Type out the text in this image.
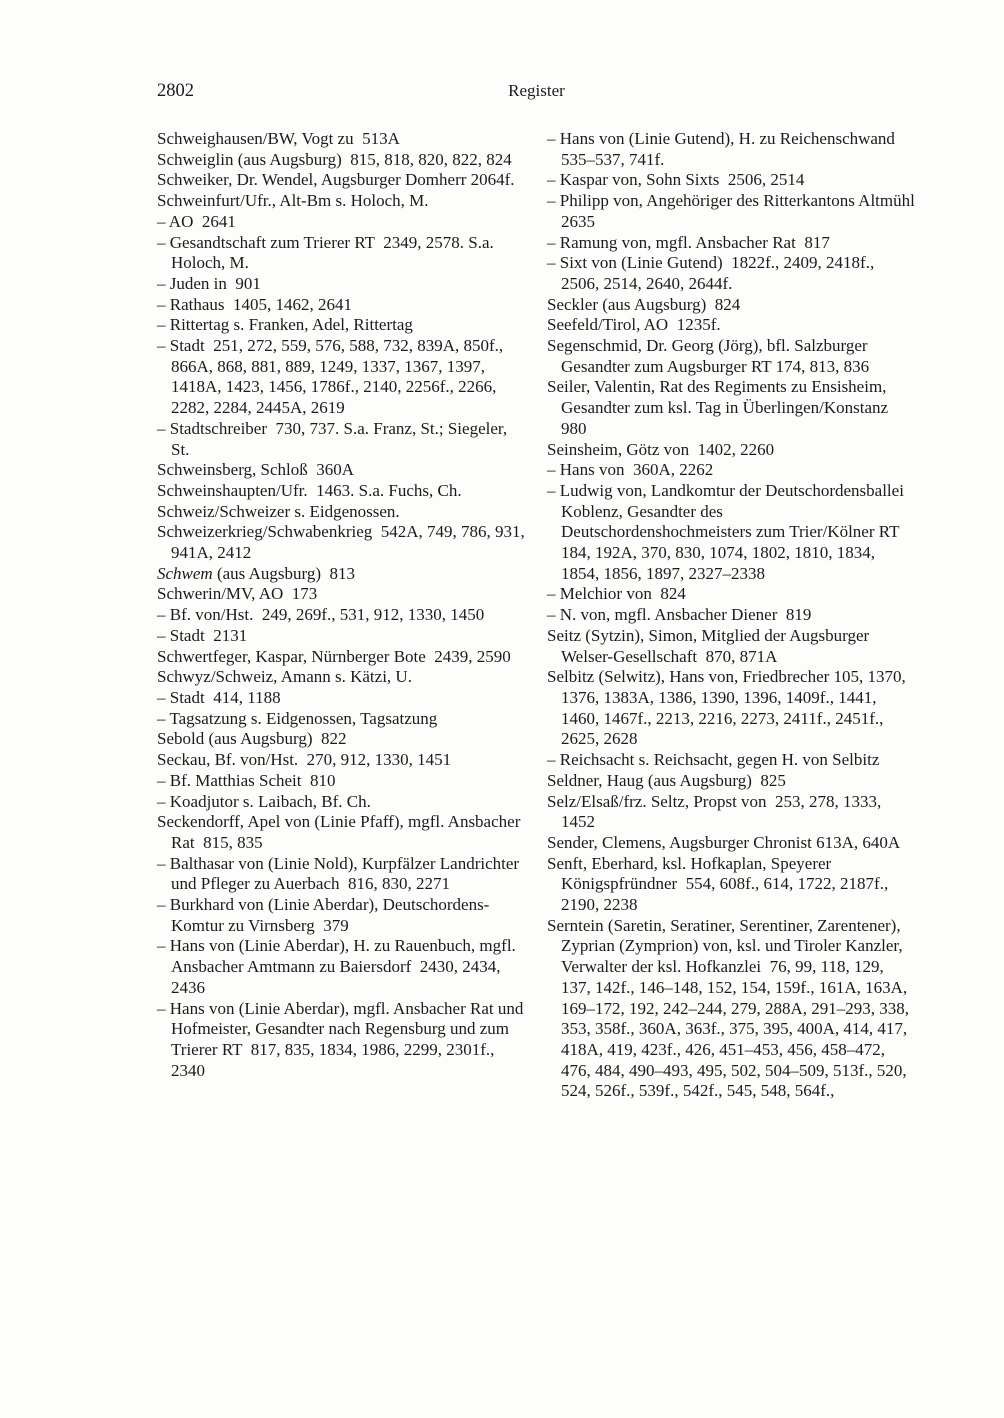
2802	Register

Schweighausen/BW, Vogt zu  513A

Schweiglin (aus Augsburg)  815, 818, 820, 822, 824

Schweiker, Dr. Wendel, Augsburger Domherr 2064f.

Schweinfurt/Ufr., Alt-Bm s. Holoch, M.

– AO  2641

– Gesandtschaft zum Trierer RT  2349, 2578. S.a. Holoch, M.

– Juden in  901

– Rathaus  1405, 1462, 2641

– Rittertag s. Franken, Adel, Rittertag

– Stadt  251, 272, 559, 576, 588, 732, 839A, 850f., 866A, 868, 881, 889, 1249, 1337, 1367, 1397, 1418A, 1423, 1456, 1786f., 2140, 2256f., 2266, 2282, 2284, 2445A, 2619

– Stadtschreiber  730, 737. S.a. Franz, St.; Siegeler, St.

Schweinsberg, Schloß  360A

Schweinshaupten/Ufr.  1463. S.a. Fuchs, Ch.

Schweiz/Schweizer s. Eidgenossen.

Schweizerkrieg/Schwabenkrieg  542A, 749, 786, 931, 941A, 2412

Schwem (aus Augsburg)  813

Schwerin/MV, AO  173

– Bf. von/Hst.  249, 269f., 531, 912, 1330, 1450

– Stadt  2131

Schwertfeger, Kaspar, Nürnberger Bote  2439, 2590

Schwyz/Schweiz, Amann s. Kätzi, U.

– Stadt  414, 1188

– Tagsatzung s. Eidgenossen, Tagsatzung

Sebold (aus Augsburg)  822

Seckau, Bf. von/Hst.  270, 912, 1330, 1451

– Bf. Matthias Scheit  810

– Koadjutor s. Laibach, Bf. Ch.

Seckendorff, Apel von (Linie Pfaff), mgfl. Ansbacher Rat  815, 835

– Balthasar von (Linie Nold), Kurpfälzer Landrichter und Pfleger zu Auerbach  816, 830, 2271

– Burkhard von (Linie Aberdar), Deutschordens-Komtur zu Virnsberg  379

– Hans von (Linie Aberdar), H. zu Rauenbuch, mgfl. Ansbacher Amtmann zu Baiersdorf  2430, 2434, 2436

– Hans von (Linie Aberdar), mgfl. Ansbacher Rat und Hofmeister, Gesandter nach Regensburg und zum Trierer RT  817, 835, 1834, 1986, 2299, 2301f., 2340

– Hans von (Linie Gutend), H. zu Reichenschwand  535–537, 741f.

– Kaspar von, Sohn Sixts  2506, 2514

– Philipp von, Angehöriger des Ritterkantons Altmühl  2635

– Ramung von, mgfl. Ansbacher Rat  817

– Sixt von (Linie Gutend)  1822f., 2409, 2418f., 2506, 2514, 2640, 2644f.

Seckler (aus Augsburg)  824

Seefeld/Tirol, AO  1235f.

Segenschmid, Dr. Georg (Jörg), bfl. Salzburger Gesandter zum Augsburger RT 174, 813, 836

Seiler, Valentin, Rat des Regiments zu Ensisheim, Gesandter zum ksl. Tag in Überlingen/Konstanz  980

Seinsheim, Götz von  1402, 2260

– Hans von  360A, 2262

– Ludwig von, Landkomtur der Deutschordensballei Koblenz, Gesandter des Deutschordenshochmeisters zum Trier/Kölner RT 184, 192A, 370, 830, 1074, 1802, 1810, 1834, 1854, 1856, 1897, 2327–2338

– Melchior von  824

– N. von, mgfl. Ansbacher Diener  819

Seitz (Sytzin), Simon, Mitglied der Augsburger Welser-Gesellschaft  870, 871A

Selbitz (Selwitz), Hans von, Friedbrecher 105, 1370, 1376, 1383A, 1386, 1390, 1396, 1409f., 1441, 1460, 1467f., 2213, 2216, 2273, 2411f., 2451f., 2625, 2628

– Reichsacht s. Reichsacht, gegen H. von Selbitz

Seldner, Haug (aus Augsburg)  825

Selz/Elsaß/frz. Seltz, Propst von  253, 278, 1333, 1452

Sender, Clemens, Augsburger Chronist 613A, 640A

Senft, Eberhard, ksl. Hofkaplan, Speyerer Königspfründner  554, 608f., 614, 1722, 2187f., 2190, 2238

Serntein (Saretin, Seratiner, Serentiner, Zarentener), Zyprian (Zymprion) von, ksl. und Tiroler Kanzler, Verwalter der ksl. Hofkanzlei  76, 99, 118, 129, 137, 142f., 146–148, 152, 154, 159f., 161A, 163A, 169–172, 192, 242–244, 279, 288A, 291–293, 338, 353, 358f., 360A, 363f., 375, 395, 400A, 414, 417, 418A, 419, 423f., 426, 451–453, 456, 458–472, 476, 484, 490–493, 495, 502, 504–509, 513f., 520, 524, 526f., 539f., 542f., 545, 548, 564f.,
